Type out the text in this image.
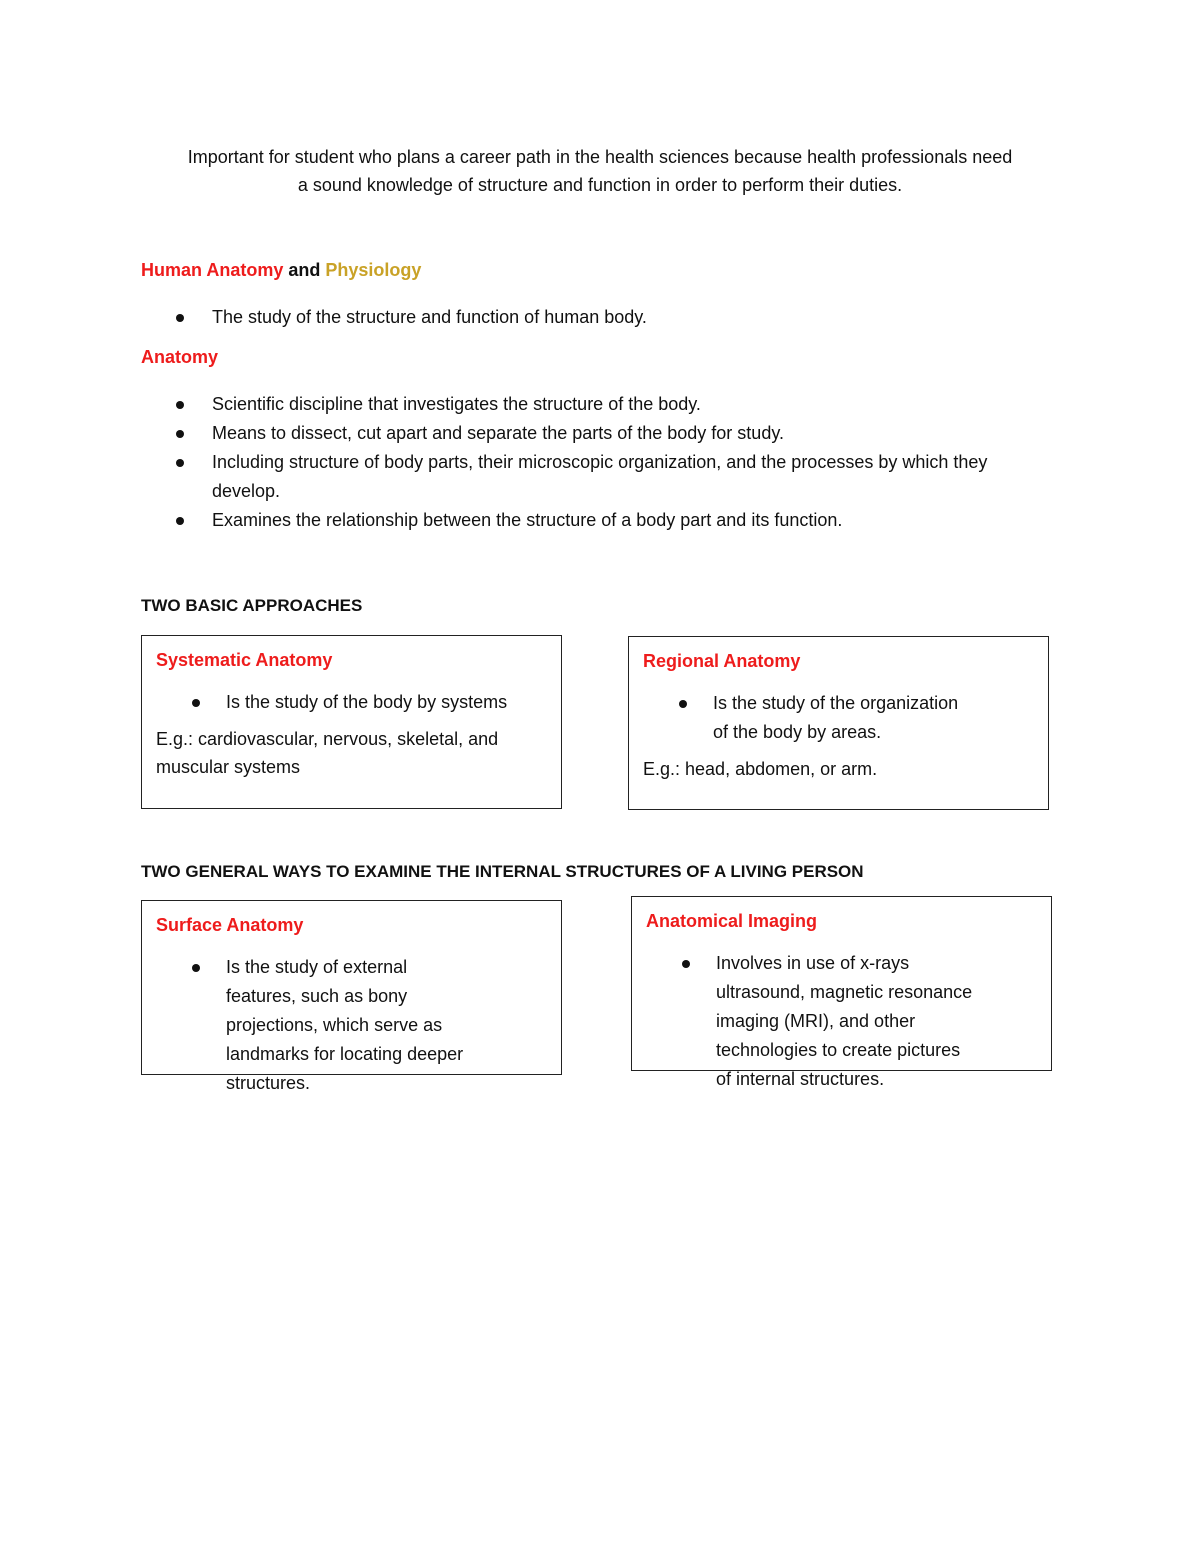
Important for student who plans a career path in the health sciences because health professionals need
a sound knowledge of structure and function in order to perform their duties.
Human Anatomy and Physiology
The study of the structure and function of human body.
Anatomy
Scientific discipline that investigates the structure of the body.
Means to dissect, cut apart and separate the parts of the body for study.
Including structure of body parts, their microscopic organization, and the processes by which they develop.
Examines the relationship between the structure of a body part and its function.
TWO BASIC APPROACHES
Systematic Anatomy
Is the study of the body by systems
E.g.: cardiovascular, nervous, skeletal, and muscular systems
Regional Anatomy
Is the study of the organization of the body by areas.
E.g.: head, abdomen, or arm.
TWO GENERAL WAYS TO EXAMINE THE INTERNAL STRUCTURES OF A LIVING PERSON
Surface Anatomy
Is the study of external features, such as bony projections, which serve as landmarks for locating deeper structures.
Anatomical Imaging
Involves in use of x-rays ultrasound, magnetic resonance imaging (MRI), and other technologies to create pictures of internal structures.
